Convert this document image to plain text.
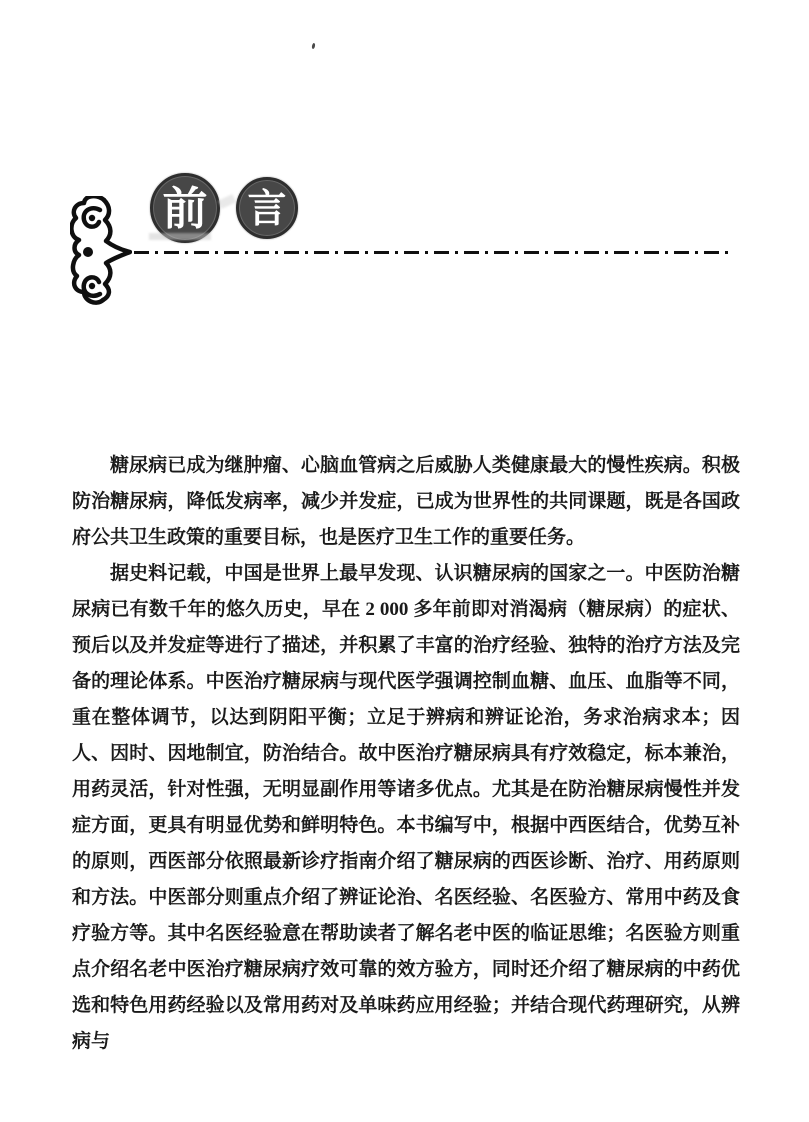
前 言

糖尿病已成为继肿瘤、心脑血管病之后威胁人类健康最大的慢性疾病。积极防治糖尿病，降低发病率，减少并发症，已成为世界性的共同课题，既是各国政府公共卫生政策的重要目标，也是医疗卫生工作的重要任务。

据史料记载，中国是世界上最早发现、认识糖尿病的国家之一。中医防治糖尿病已有数千年的悠久历史，早在 2 000 多年前即对消渴病（糖尿病）的症状、预后以及并发症等进行了描述，并积累了丰富的治疗经验、独特的治疗方法及完备的理论体系。中医治疗糖尿病与现代医学强调控制血糖、血压、血脂等不同，重在整体调节，以达到阴阳平衡；立足于辨病和辨证论治，务求治病求本；因人、因时、因地制宜，防治结合。故中医治疗糖尿病具有疗效稳定，标本兼治，用药灵活，针对性强，无明显副作用等诸多优点。尤其是在防治糖尿病慢性并发症方面，更具有明显优势和鲜明特色。本书编写中，根据中西医结合，优势互补的原则，西医部分依照最新诊疗指南介绍了糖尿病的西医诊断、治疗、用药原则和方法。中医部分则重点介绍了辨证论治、名医经验、名医验方、常用中药及食疗验方等。其中名医经验意在帮助读者了解名老中医的临证思维；名医验方则重点介绍名老中医治疗糖尿病疗效可靠的效方验方，同时还介绍了糖尿病的中药优选和特色用药经验以及常用药对及单味药应用经验；并结合现代药理研究，从辨病与
